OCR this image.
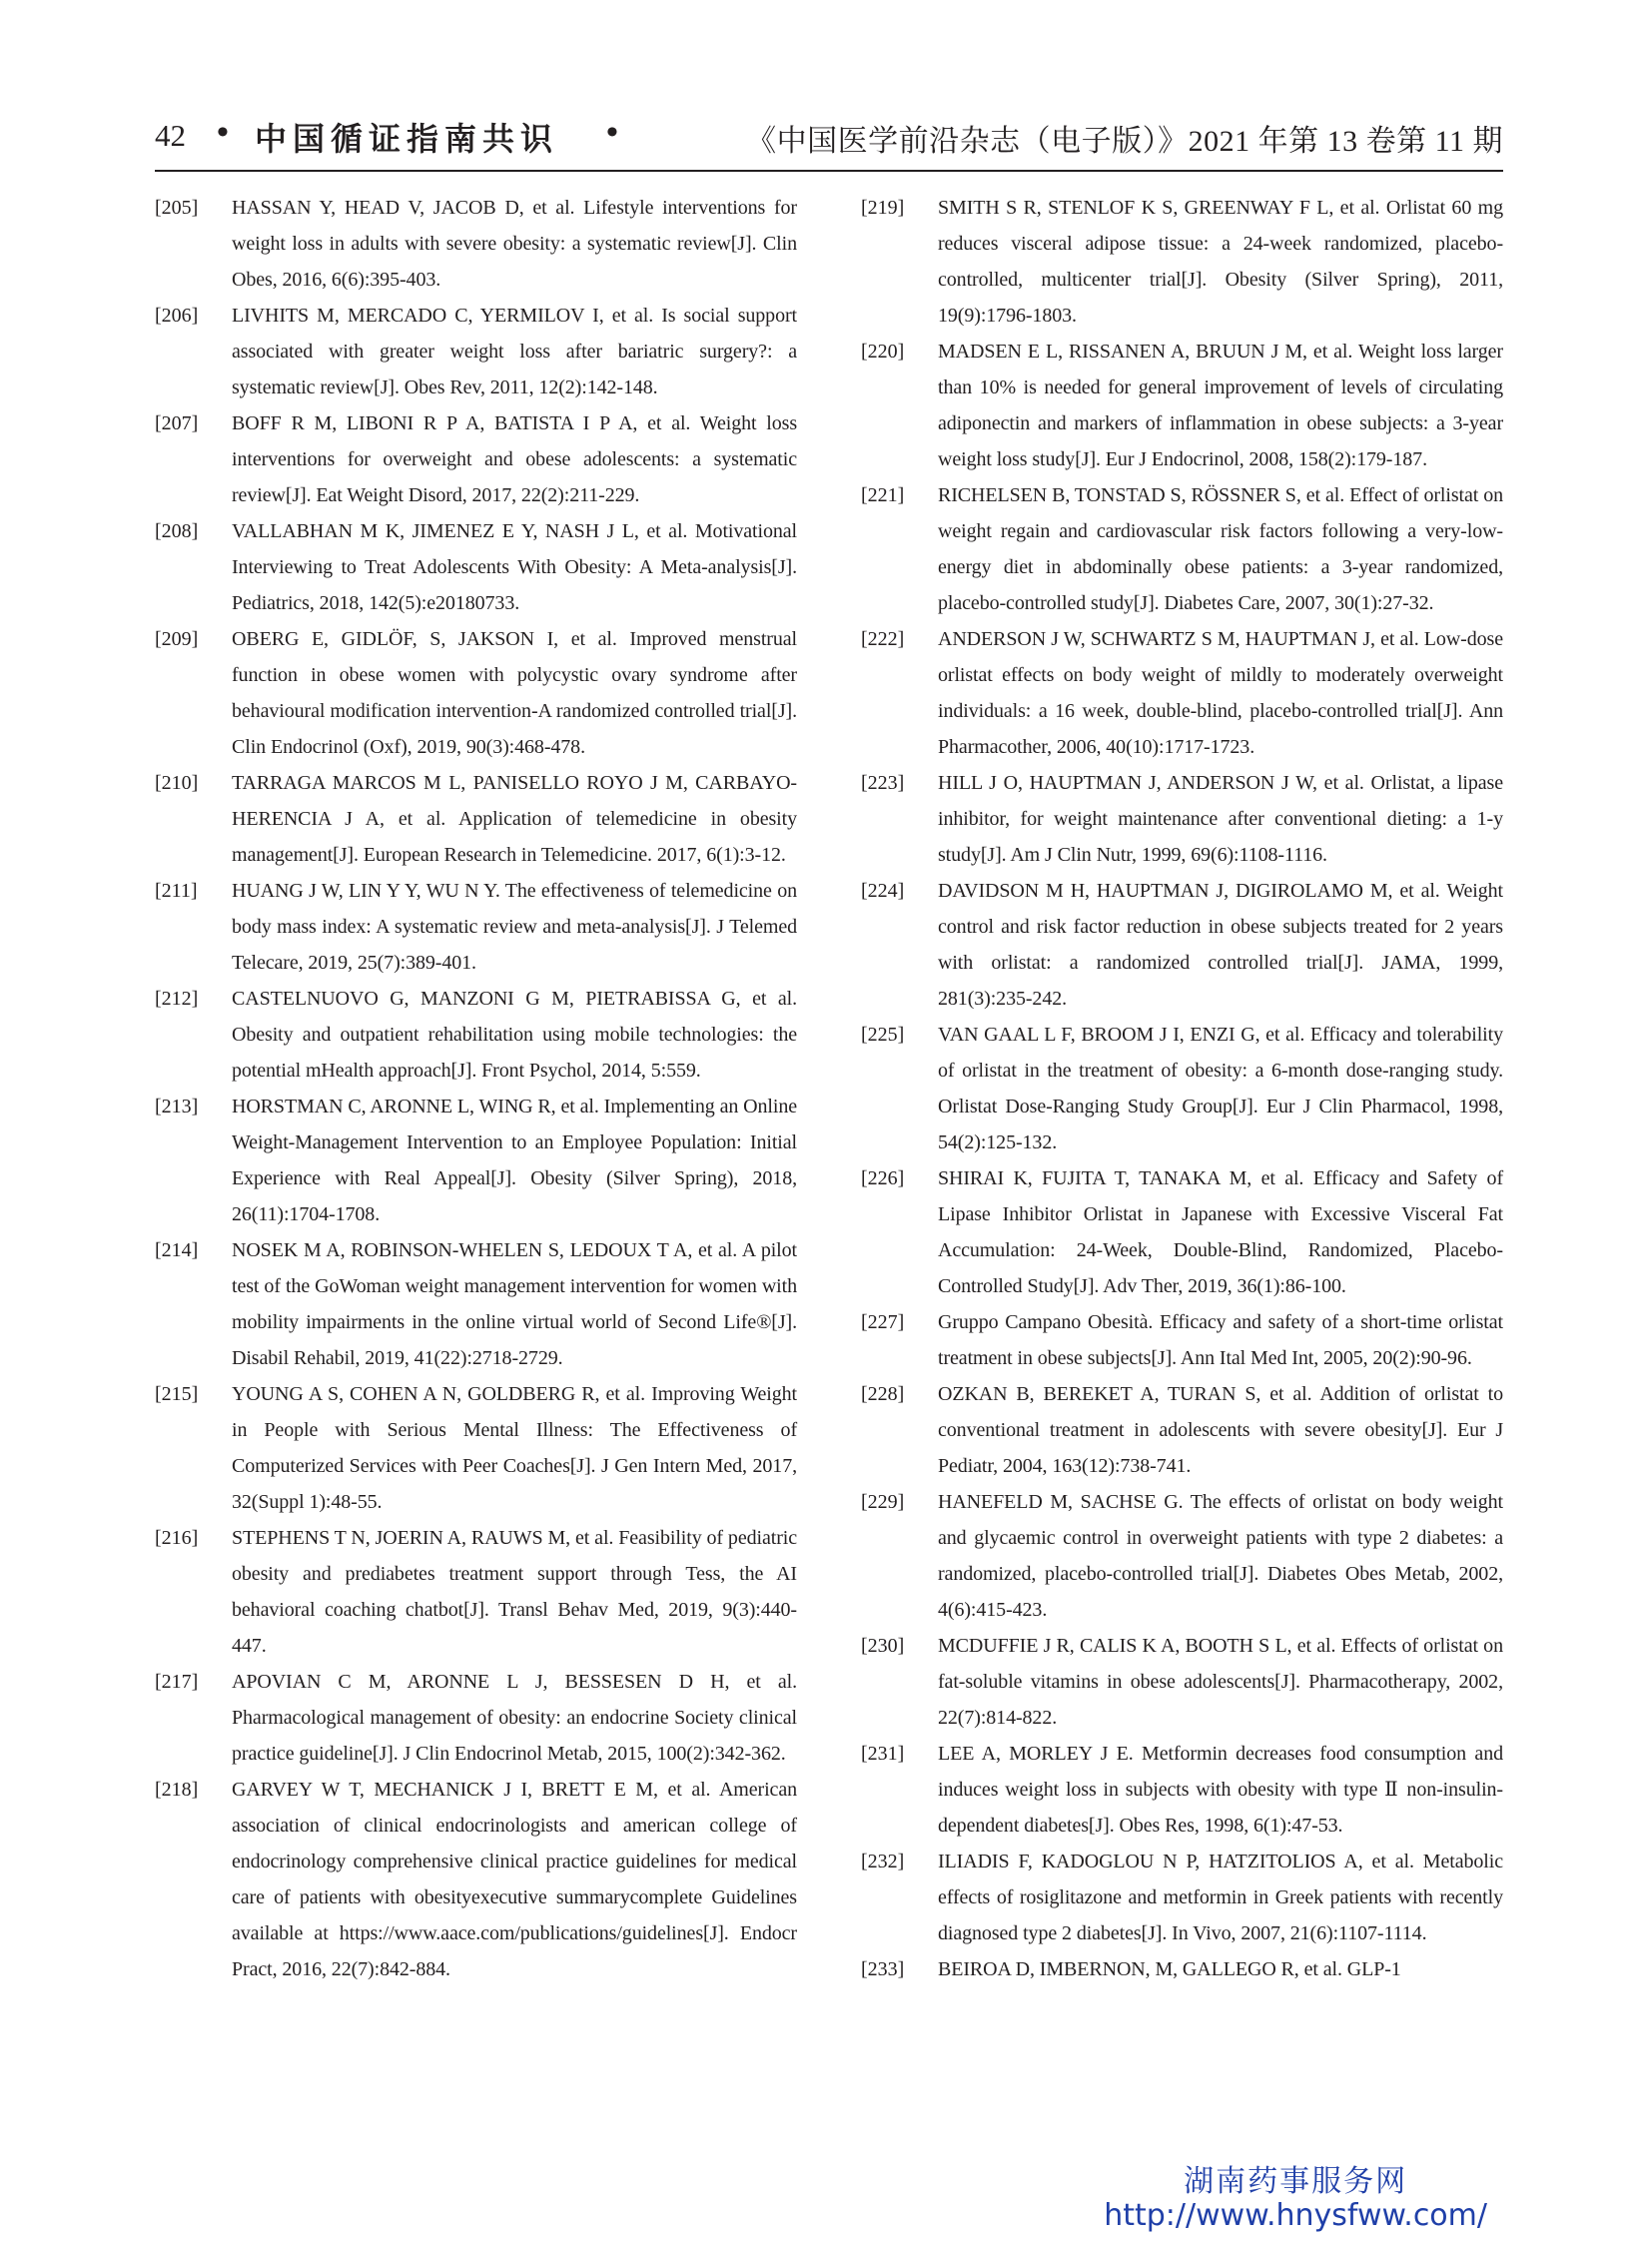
42 • 中国循证指南共识 •	《中国医学前沿杂志（电子版）》2021 年第 13 卷第 11 期
[205] HASSAN Y, HEAD V, JACOB D, et al. Lifestyle interventions for weight loss in adults with severe obesity: a systematic review[J]. Clin Obes, 2016, 6(6):395-403.
[206] LIVHITS M, MERCADO C, YERMILOV I, et al. Is social support associated with greater weight loss after bariatric surgery?: a systematic review[J]. Obes Rev, 2011, 12(2):142-148.
[207] BOFF R M, LIBONI R P A, BATISTA I P A, et al. Weight loss interventions for overweight and obese adolescents: a systematic review[J]. Eat Weight Disord, 2017, 22(2):211-229.
[208] VALLABHAN M K, JIMENEZ E Y, NASH J L, et al. Motivational Interviewing to Treat Adolescents With Obesity: A Meta-analysis[J]. Pediatrics, 2018, 142(5):e20180733.
[209] OBERG E, GIDLÖF, S, JAKSON I, et al. Improved menstrual function in obese women with polycystic ovary syndrome after behavioural modification intervention-A randomized controlled trial[J]. Clin Endocrinol (Oxf), 2019, 90(3):468-478.
[210] TARRAGA MARCOS M L, PANISELLO ROYO J M, CARBAYO-HERENCIA J A, et al. Application of telemedicine in obesity management[J]. European Research in Telemedicine. 2017, 6(1):3-12.
[211] HUANG J W, LIN Y Y, WU N Y. The effectiveness of telemedicine on body mass index: A systematic review and meta-analysis[J]. J Telemed Telecare, 2019, 25(7):389-401.
[212] CASTELNUOVO G, MANZONI G M, PIETRABISSA G, et al. Obesity and outpatient rehabilitation using mobile technologies: the potential mHealth approach[J]. Front Psychol, 2014, 5:559.
[213] HORSTMAN C, ARONNE L, WING R, et al. Implementing an Online Weight-Management Intervention to an Employee Population: Initial Experience with Real Appeal[J]. Obesity (Silver Spring), 2018, 26(11):1704-1708.
[214] NOSEK M A, ROBINSON-WHELEN S, LEDOUX T A, et al. A pilot test of the GoWoman weight management intervention for women with mobility impairments in the online virtual world of Second Life®[J]. Disabil Rehabil, 2019, 41(22):2718-2729.
[215] YOUNG A S, COHEN A N, GOLDBERG R, et al. Improving Weight in People with Serious Mental Illness: The Effectiveness of Computerized Services with Peer Coaches[J]. J Gen Intern Med, 2017, 32(Suppl 1):48-55.
[216] STEPHENS T N, JOERIN A, RAUWS M, et al. Feasibility of pediatric obesity and prediabetes treatment support through Tess, the AI behavioral coaching chatbot[J]. Transl Behav Med, 2019, 9(3):440-447.
[217] APOVIAN C M, ARONNE L J, BESSESEN D H, et al. Pharmacological management of obesity: an endocrine Society clinical practice guideline[J]. J Clin Endocrinol Metab, 2015, 100(2):342-362.
[218] GARVEY W T, MECHANICK J I, BRETT E M, et al. American association of clinical endocrinologists and american college of endocrinology comprehensive clinical practice guidelines for medical care of patients with obesityexecutive summarycomplete Guidelines available at https://www.aace.com/publications/guidelines[J]. Endocr Pract, 2016, 22(7):842-884.
[219] SMITH S R, STENLOF K S, GREENWAY F L, et al. Orlistat 60 mg reduces visceral adipose tissue: a 24-week randomized, placebo-controlled, multicenter trial[J]. Obesity (Silver Spring), 2011, 19(9):1796-1803.
[220] MADSEN E L, RISSANEN A, BRUUN J M, et al. Weight loss larger than 10% is needed for general improvement of levels of circulating adiponectin and markers of inflammation in obese subjects: a 3-year weight loss study[J]. Eur J Endocrinol, 2008, 158(2):179-187.
[221] RICHELSEN B, TONSTAD S, RÖSSNER S, et al. Effect of orlistat on weight regain and cardiovascular risk factors following a very-low-energy diet in abdominally obese patients: a 3-year randomized, placebo-controlled study[J]. Diabetes Care, 2007, 30(1):27-32.
[222] ANDERSON J W, SCHWARTZ S M, HAUPTMAN J, et al. Low-dose orlistat effects on body weight of mildly to moderately overweight individuals: a 16 week, double-blind, placebo-controlled trial[J]. Ann Pharmacother, 2006, 40(10):1717-1723.
[223] HILL J O, HAUPTMAN J, ANDERSON J W, et al. Orlistat, a lipase inhibitor, for weight maintenance after conventional dieting: a 1-y study[J]. Am J Clin Nutr, 1999, 69(6):1108-1116.
[224] DAVIDSON M H, HAUPTMAN J, DIGIROLAMO M, et al. Weight control and risk factor reduction in obese subjects treated for 2 years with orlistat: a randomized controlled trial[J]. JAMA, 1999, 281(3):235-242.
[225] VAN GAAL L F, BROOM J I, ENZI G, et al. Efficacy and tolerability of orlistat in the treatment of obesity: a 6-month dose-ranging study. Orlistat Dose-Ranging Study Group[J]. Eur J Clin Pharmacol, 1998, 54(2):125-132.
[226] SHIRAI K, FUJITA T, TANAKA M, et al. Efficacy and Safety of Lipase Inhibitor Orlistat in Japanese with Excessive Visceral Fat Accumulation: 24-Week, Double-Blind, Randomized, Placebo-Controlled Study[J]. Adv Ther, 2019, 36(1):86-100.
[227] Gruppo Campano Obesità. Efficacy and safety of a short-time orlistat treatment in obese subjects[J]. Ann Ital Med Int, 2005, 20(2):90-96.
[228] OZKAN B, BEREKET A, TURAN S, et al. Addition of orlistat to conventional treatment in adolescents with severe obesity[J]. Eur J Pediatr, 2004, 163(12):738-741.
[229] HANEFELD M, SACHSE G. The effects of orlistat on body weight and glycaemic control in overweight patients with type 2 diabetes: a randomized, placebo-controlled trial[J]. Diabetes Obes Metab, 2002, 4(6):415-423.
[230] MCDUFFIE J R, CALIS K A, BOOTH S L, et al. Effects of orlistat on fat-soluble vitamins in obese adolescents[J]. Pharmacotherapy, 2002, 22(7):814-822.
[231] LEE A, MORLEY J E. Metformin decreases food consumption and induces weight loss in subjects with obesity with type Ⅱ non-insulin-dependent diabetes[J]. Obes Res, 1998, 6(1):47-53.
[232] ILIADIS F, KADOGLOU N P, HATZITOLIOS A, et al. Metabolic effects of rosiglitazone and metformin in Greek patients with recently diagnosed type 2 diabetes[J]. In Vivo, 2007, 21(6):1107-1114.
[233] BEIROA D, IMBERNON, M, GALLEGO R, et al. GLP-1
湖南药事服务网
http://www.hnysfww.com/
